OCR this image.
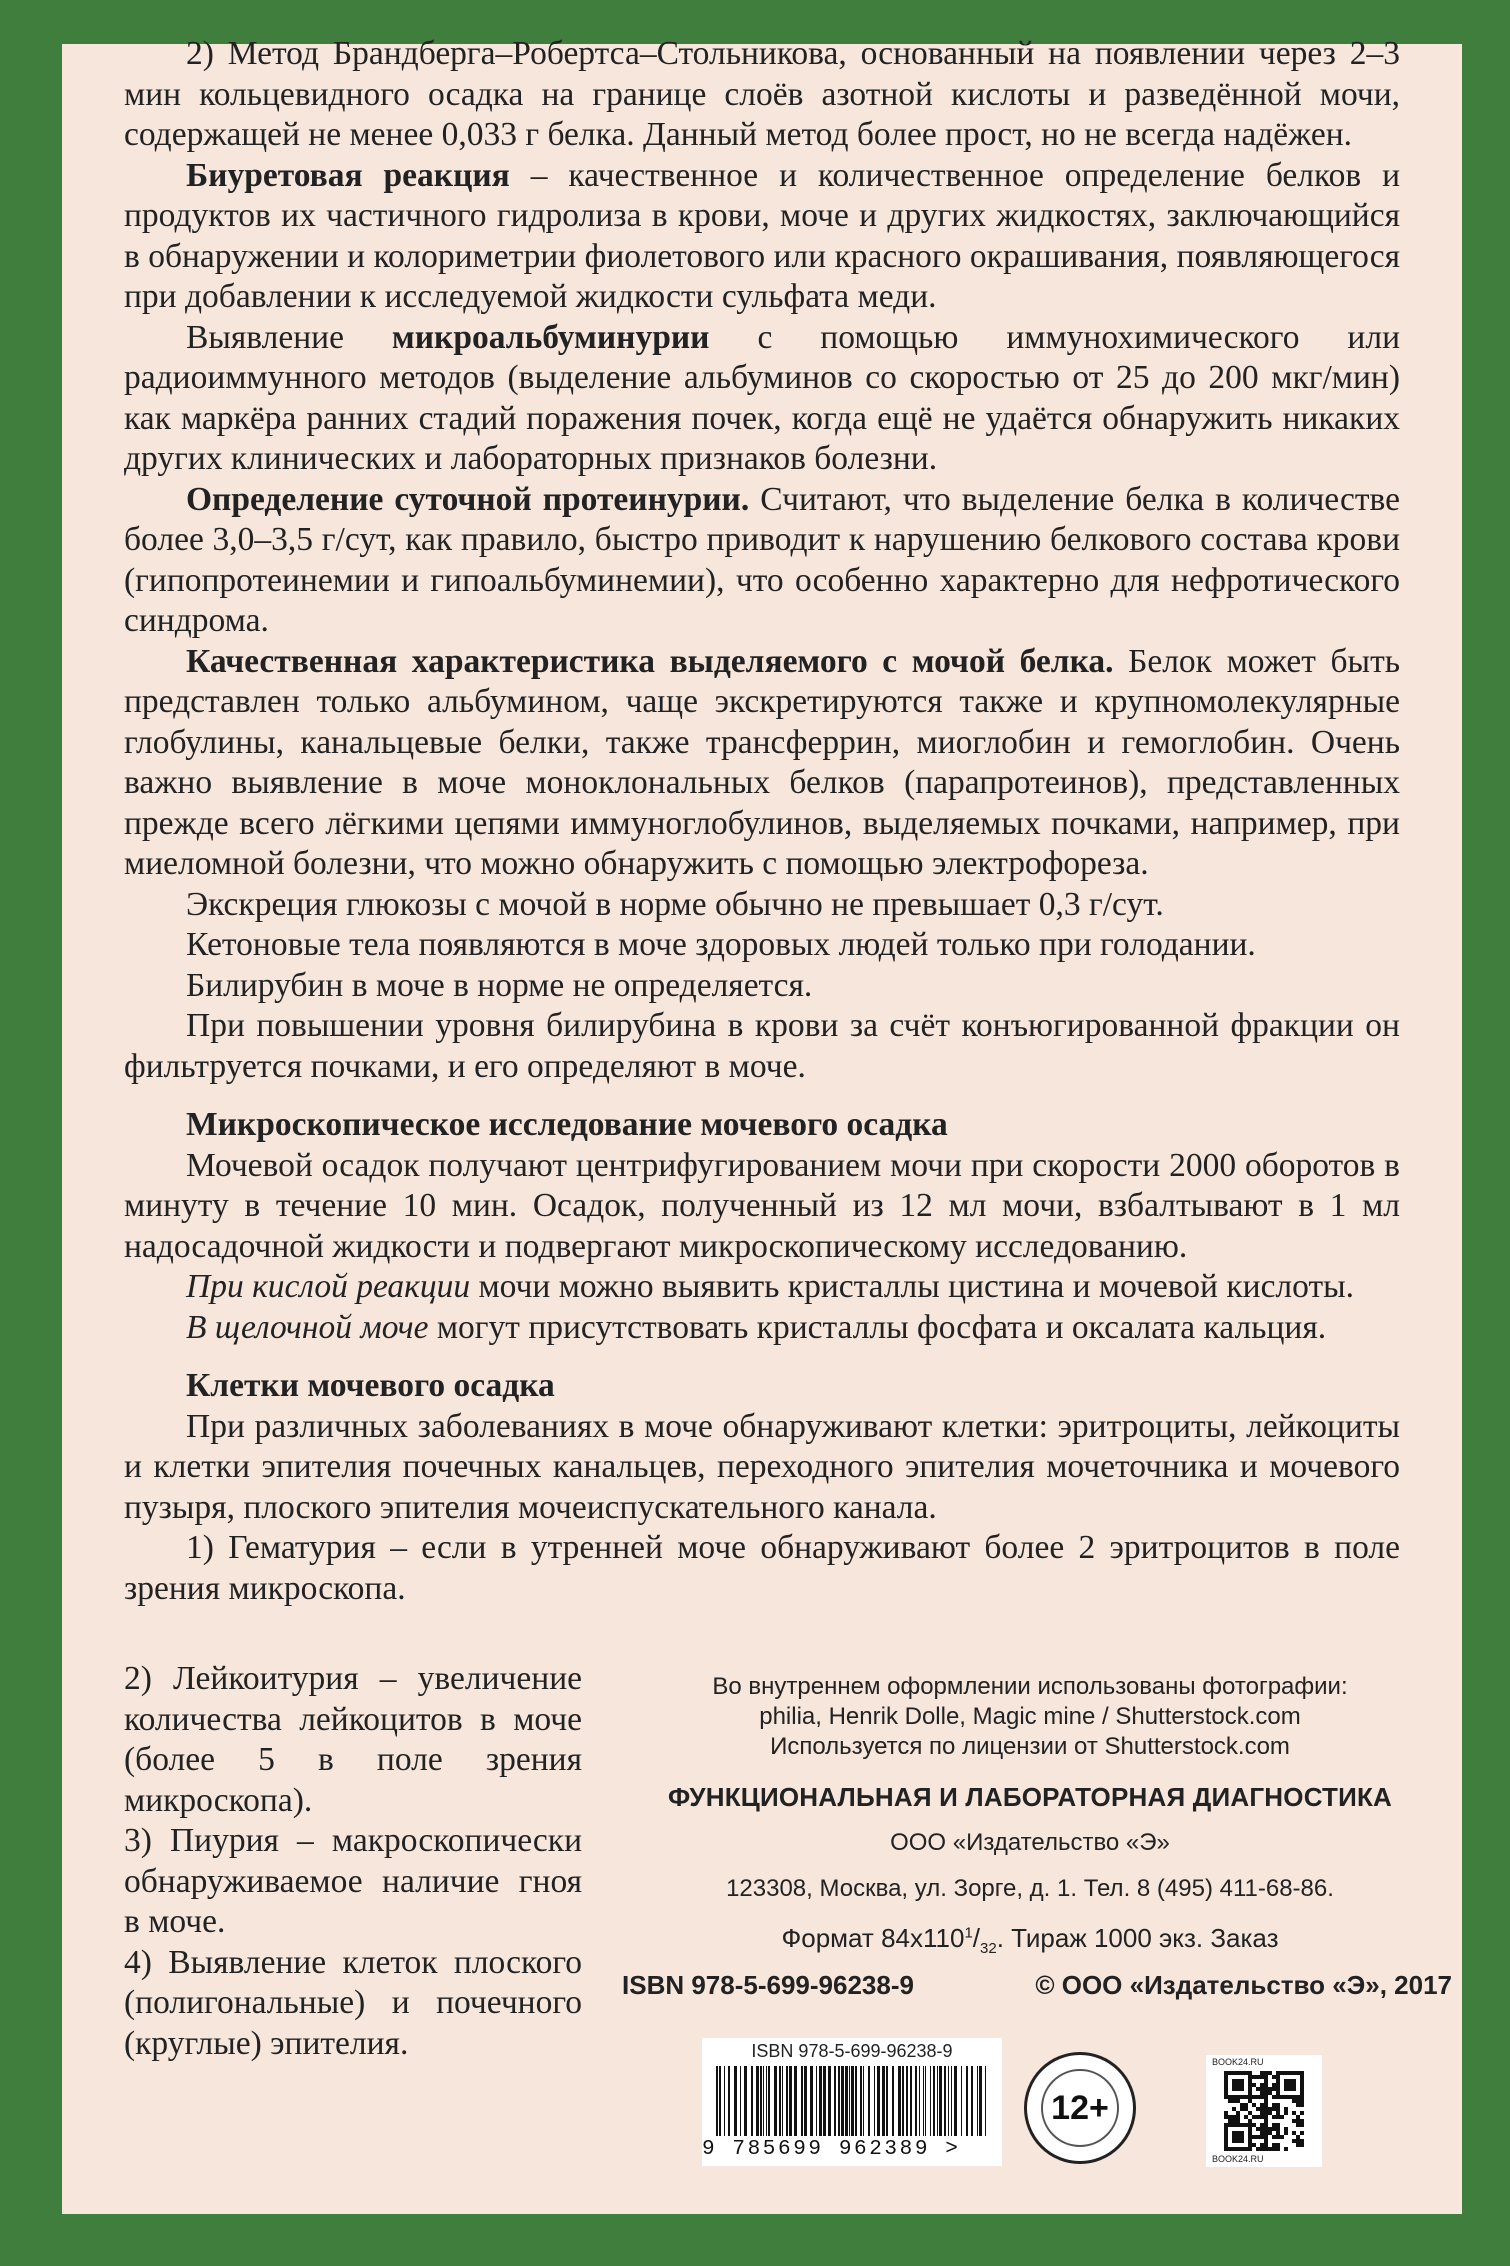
2) Метод Брандберга–Робертса–Стольникова, основанный на появлении через 2–3 мин кольцевидного осадка на границе слоёв азотной кислоты и разведённой мочи, содержащей не менее 0,033 г белка. Данный метод более прост, но не всегда надёжен.

Биуретовая реакция – качественное и количественное определение белков и продуктов их частичного гидролиза в крови, моче и других жидкостях, заключающийся в обнаружении и колориметрии фиолетового или красного окрашивания, появляющегося при добавлении к исследуемой жидкости сульфата меди.

Выявление микроальбуминурии с помощью иммунохимического или радиоиммунного методов (выделение альбуминов со скоростью от 25 до 200 мкг/мин) как маркёра ранних стадий поражения почек, когда ещё не удаётся обнаружить никаких других клинических и лабораторных признаков болезни.

Определение суточной протеинурии. Считают, что выделение белка в количестве более 3,0–3,5 г/сут, как правило, быстро приводит к нарушению белкового состава крови (гипопротеинемии и гипоальбуминемии), что особенно характерно для нефротического синдрома.

Качественная характеристика выделяемого с мочой белка. Белок может быть представлен только альбумином, чаще экскретируются также и крупномолекулярные глобулины, канальцевые белки, также трансферрин, миоглобин и гемоглобин. Очень важно выявление в моче моноклональных белков (парапротеинов), представленных прежде всего лёгкими цепями иммуноглобулинов, выделяемых почками, например, при миеломной болезни, что можно обнаружить с помощью электрофореза.

Экскреция глюкозы с мочой в норме обычно не превышает 0,3 г/сут.

Кетоновые тела появляются в моче здоровых людей только при голодании.

Билирубин в моче в норме не определяется.

При повышении уровня билирубина в крови за счёт конъюгированной фракции он фильтруется почками, и его определяют в моче.

Микроскопическое исследование мочевого осадка

Мочевой осадок получают центрифугированием мочи при скорости 2000 оборотов в минуту в течение 10 мин. Осадок, полученный из 12 мл мочи, взбалтывают в 1 мл надосадочной жидкости и подвергают микроскопическому исследованию.

При кислой реакции мочи можно выявить кристаллы цистина и мочевой кислоты.

В щелочной моче могут присутствовать кристаллы фосфата и оксалата кальция.

Клетки мочевого осадка

При различных заболеваниях в моче обнаруживают клетки: эритроциты, лейкоциты и клетки эпителия почечных канальцев, переходного эпителия мочеточника и мочевого пузыря, плоского эпителия мочеиспускательного канала.

1) Гематурия – если в утренней моче обнаруживают более 2 эритроцитов в поле зрения микроскопа.

2) Лейкоитурия – увеличение количества лейкоцитов в моче (более 5 в поле зрения микроскопа).

3) Пиурия – макроскопически обнаруживаемое наличие гноя в моче.

4) Выявление клеток плоского (полигональные) и почечного (круглые) эпителия.

Во внутреннем оформлении использованы фотографии:
philia, Henrik Dolle, Magic mine / Shutterstock.com
Используется по лицензии от Shutterstock.com
ФУНКЦИОНАЛЬНАЯ И ЛАБОРАТОРНАЯ ДИАГНОСТИКА
ООО «Издательство «Э»
123308, Москва, ул. Зорге, д. 1. Тел. 8 (495) 411-68-86.
Формат $84х110^1/_{32}$. Тираж 1000 экз. Заказ
ISBN 978-5-699-96238-9	© ООО «Издательство «Э», 2017
ISBN 978-5-699-96238-9
9 785699 962389 >
12+
BOOK24.RU
BOOK24.RU
